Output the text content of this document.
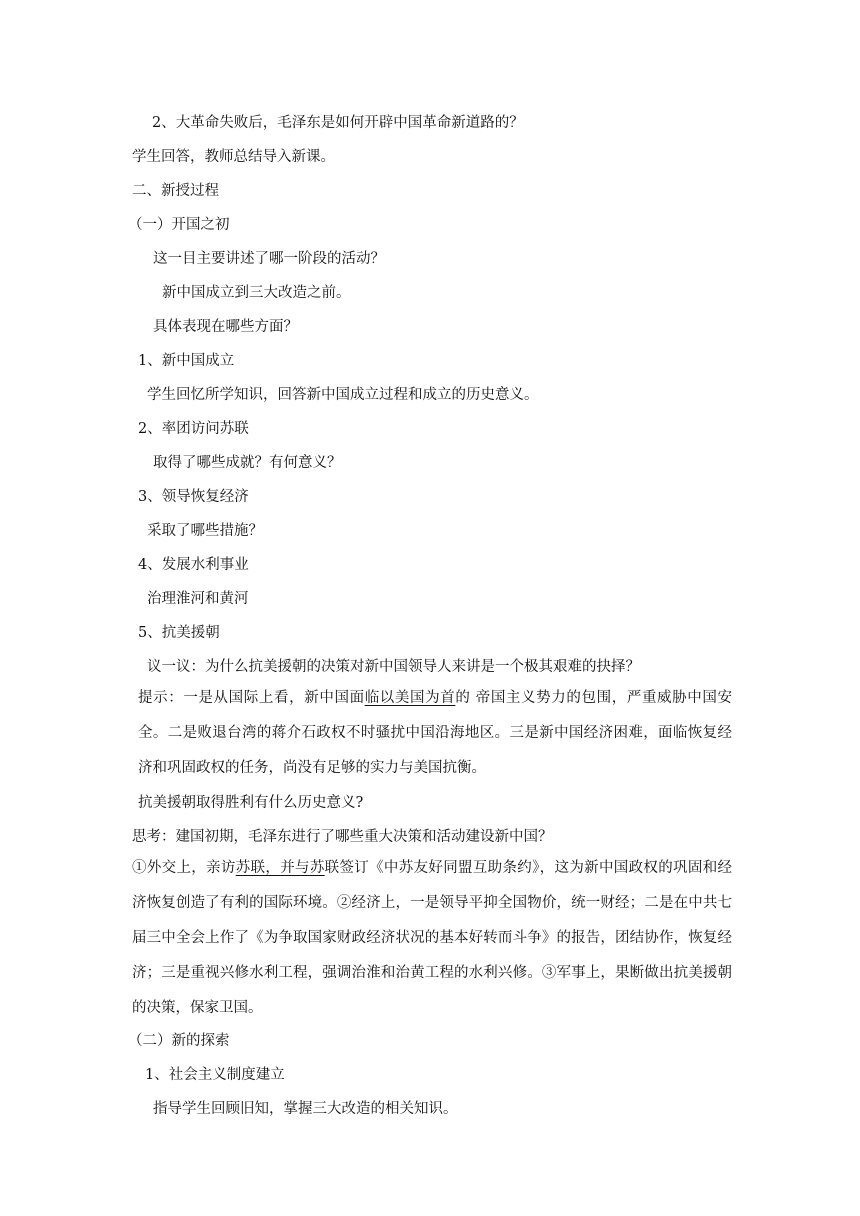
2、大革命失败后，毛泽东是如何开辟中国革命新道路的？
学生回答，教师总结导入新课。
二、新授过程
（一）开国之初
这一目主要讲述了哪一阶段的活动？
新中国成立到三大改造之前。
具体表现在哪些方面？
1、新中国成立
学生回忆所学知识，回答新中国成立过程和成立的历史意义。
2、率团访问苏联
取得了哪些成就？有何意义？
3、领导恢复经济
采取了哪些措施？
4、发展水利事业
治理淮河和黄河
5、抗美援朝
议一议：为什么抗美援朝的决策对新中国领导人来讲是一个极其艰难的抉择？
提示：一是从国际上看，新中国面临以美国为首的 帝国主义势力的包围，严重威胁中国安全。二是败退台湾的蒋介石政权不时骚扰中国沿海地区。三是新中国经济困难，面临恢复经济和巩固政权的任务，尚没有足够的实力与美国抗衡。
抗美援朝取得胜利有什么历史意义?
思考：建国初期，毛泽东进行了哪些重大决策和活动建设新中国？
①外交上，亲访苏联，并与苏联签订《中苏友好同盟互助条约》，这为新中国政权的巩固和经济恢复创造了有利的国际环境。②经济上，一是领导平抑全国物价，统一财经；二是在中共七届三中全会上作了《为争取国家财政经济状况的基本好转而斗争》的报告，团结协作，恢复经济；三是重视兴修水利工程，强调治淮和治黄工程的水利兴修。③军事上，果断做出抗美援朝的决策，保家卫国。
（二）新的探索
1、社会主义制度建立
指导学生回顾旧知，掌握三大改造的相关知识。
